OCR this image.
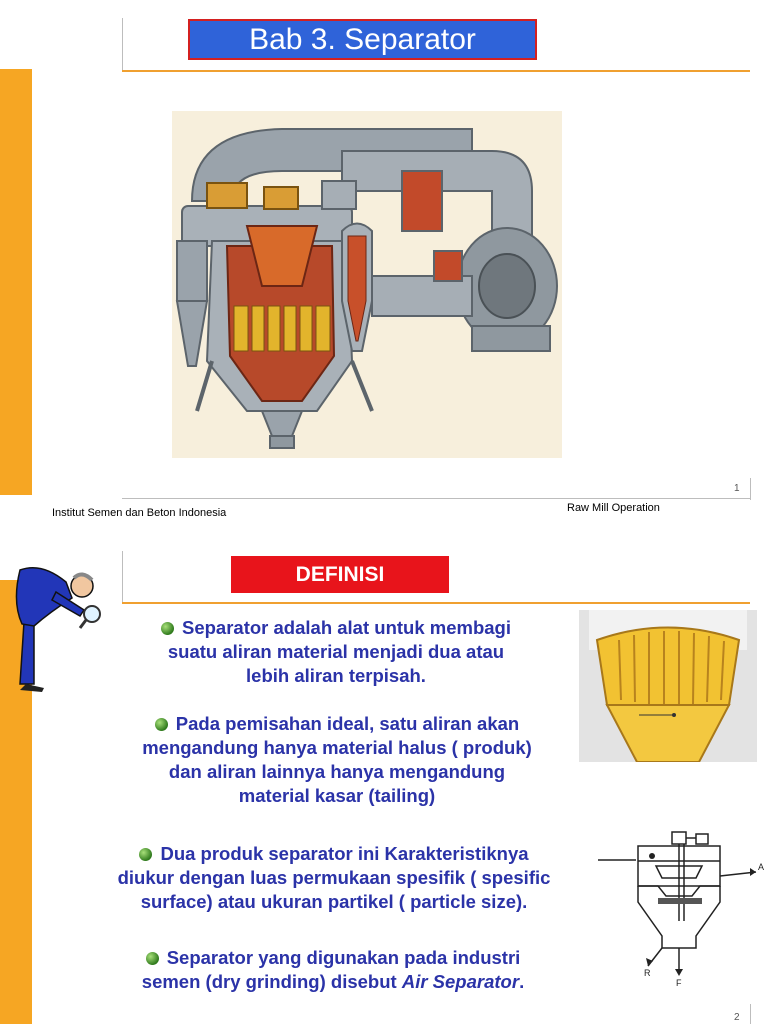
Bab 3. Separator
1
Institut Semen dan Beton Indonesia	Raw Mill Operation
DEFINISI
Separator adalah alat untuk membagi
suatu aliran material menjadi dua atau
lebih aliran terpisah.
Pada pemisahan ideal, satu aliran akan
mengandung hanya material halus ( produk)
dan aliran lainnya hanya mengandung
material kasar (tailing)
Dua produk separator ini Karakteristiknya
diukur dengan luas permukaan spesifik ( spesific
surface) atau ukuran partikel ( particle size).
Separator yang digunakan pada industri
semen (dry grinding) disebut Air Separator.
A
R
F
2
